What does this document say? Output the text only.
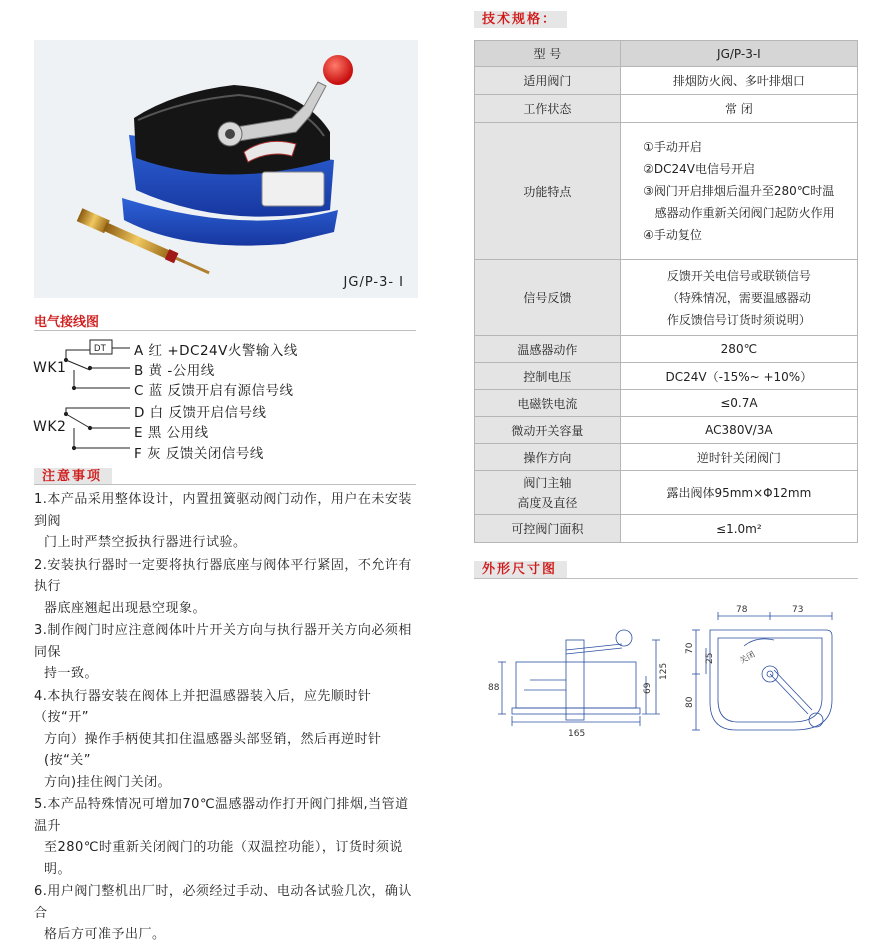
JG/P-3- I
电气接线图
DT
WK1
WK2
A 红 +DC24V火警输入线
B 黄 -公用线
C 蓝 反馈开启有源信号线
D 白 反馈开启信号线
E 黑 公用线
F 灰 反馈关闭信号线
注意事项
1.本产品采用整体设计，内置扭簧驱动阀门动作，用户在未安装到阀
门上时严禁空扳执行器进行试验。
2.安装执行器时一定要将执行器底座与阀体平行紧固，不允许有执行
器底座翘起出现悬空现象。
3.制作阀门时应注意阀体叶片开关方向与执行器开关方向必须相同保
持一致。
4.本执行器安装在阀体上并把温感器装入后，应先顺时针（按“开”
方向）操作手柄使其扣住温感器头部竖销，然后再逆时针(按“关”
方向)挂住阀门关闭。
5.本产品特殊情况可增加70℃温感器动作打开阀门排烟,当管道温升
至280℃时重新关闭阀门的功能（双温控功能），订货时须说明。
6.用户阀门整机出厂时，必须经过手动、电动各试验几次，确认合
格后方可准予出厂。
技术规格：
型 号	JG/P-3-Ⅰ
适用阀门	排烟防火阀、多叶排烟口
工作状态	常 闭
功能特点	①手动开启
②DC24V电信号开启
③阀门开启排烟后温升至280℃时温
感器动作重新关闭阀门起防火作用
④手动复位

信号反馈	反馈开关电信号或联锁信号
（特殊情况，需要温感器动
作反馈信号订货时须说明）

温感器动作	280℃
控制电压	DC24V（-15%~ +10%）
电磁铁电流	≤0.7A
微动开关容量	AC380V/3A
操作方向	逆时针关闭阀门

阀门主轴
高度及直径	露出阀体95mm×Φ12mm
可控阀门面积	≤1.0m²
外形尺寸图
165
88	69
125
78	73
70
25
80
关闭
